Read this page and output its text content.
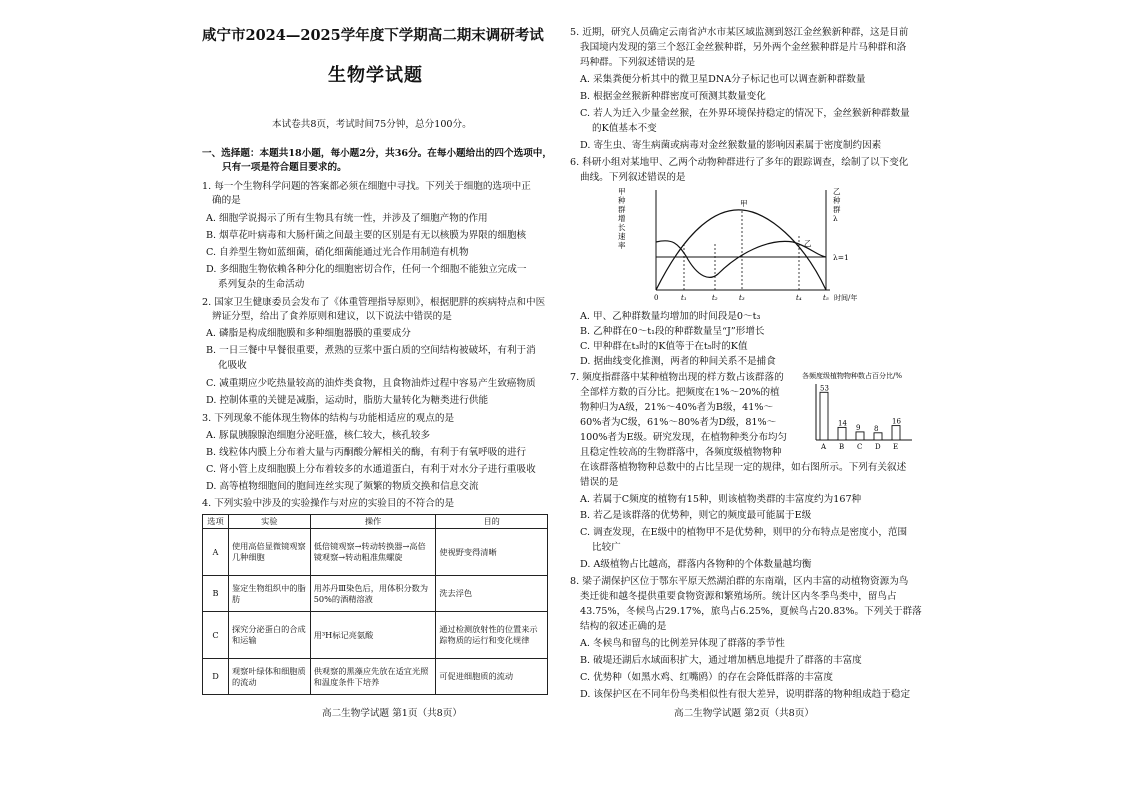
咸宁市2024—2025学年度下学期高二期末调研考试
生物学试题
本试卷共8页，考试时间75分钟，总分100分。
一、选择题：本题共18小题，每小题2分，共36分。在每小题给出的四个选项中，
只有一项是符合题目要求的。
1. 每一个生物科学问题的答案都必须在细胞中寻找。下列关于细胞的选项中正
确的是
A. 细胞学说揭示了所有生物具有统一性，并涉及了细胞产物的作用
B. 烟草花叶病毒和大肠杆菌之间最主要的区别是有无以核膜为界限的细胞核
C. 自养型生物如蓝细菌，硝化细菌能通过光合作用制造有机物
D. 多细胞生物依赖各种分化的细胞密切合作，任何一个细胞不能独立完成一
系列复杂的生命活动
2. 国家卫生健康委员会发布了《体重管理指导原则》，根据肥胖的疾病特点和中医
辨证分型，给出了食养原则和建议，以下说法中错误的是
A. 磷脂是构成细胞膜和多种细胞器膜的重要成分
B. 一日三餐中早餐很重要，煮熟的豆浆中蛋白质的空间结构被破坏，有利于消
化吸收
C. 减重期应少吃热量较高的油炸类食物，且食物油炸过程中容易产生致癌物质
D. 控制体重的关键是减脂，运动时，脂肪大量转化为糖类进行供能
3. 下列现象不能体现生物体的结构与功能相适应的观点的是
A. 豚鼠胰腺腺泡细胞分泌旺盛，核仁较大，核孔较多
B. 线粒体内膜上分布着大量与丙酮酸分解相关的酶，有利于有氧呼吸的进行
C. 肾小管上皮细胞膜上分布着较多的水通道蛋白，有利于对水分子进行重吸收
D. 高等植物细胞间的胞间连丝实现了频繁的物质交换和信息交流
4. 下列实验中涉及的实验操作与对应的实验目的不符合的是
选项	实验	操作	目的
A	使用高倍显微镜观察几种细胞	低倍镜观察→转动转换器→高倍镜观察→转动粗准焦螺旋	使视野变得清晰
B	鉴定生物组织中的脂肪	用苏丹Ⅲ染色后，用体积分数为50%的酒精溶液	洗去浮色
C	探究分泌蛋白的合成和运输	用³H标记亮氨酸	通过检测放射性的位置来示踪物质的运行和变化规律
D	观察叶绿体和细胞质的流动	供观察的黑藻应先放在适宜光照和温度条件下培养	可促进细胞质的流动
高二生物学试题 第1页（共8页）
5. 近期，研究人员确定云南省泸水市某区域监测到怒江金丝猴新种群，这是目前
我国境内发现的第三个怒江金丝猴种群，另外两个金丝猴种群是片马种群和洛
玛种群。下列叙述错误的是
A. 采集粪便分析其中的微卫星DNA分子标记也可以调查新种群数量
B. 根据金丝猴新种群密度可预测其数量变化
C. 若人为迁入少量金丝猴，在外界环境保持稳定的情况下，金丝猴新种群数量
的K值基本不变
D. 寄生虫、寄生病菌或病毒对金丝猴数量的影响因素属于密度制约因素
6. 科研小组对某地甲、乙两个动物种群进行了多年的跟踪调查，绘制了以下变化
曲线。下列叙述错误的是
甲 种 群 增 长 速 率
乙 种 群 λ
甲
乙
λ=1
0	t₁	t₂	t₃	t₄	t₅ 时间/年
A. 甲、乙种群数量均增加的时间段是0～t₃
B. 乙种群在0～t₁段的种群数量呈“J”形增长
C. 甲种群在t₃时的K值等于在t₅时的K值
D. 据曲线变化推测，两者的种间关系不是捕食
7. 频度指群落中某种植物出现的样方数占该群落的
全部样方数的百分比。把频度在1%～20%的植
物种归为A级，21%～40%者为B级，41%～
60%者为C级，61%～80%者为D级，81%～
100%者为E级。研究发现，在植物种类分布均匀
且稳定性较高的生物群落中，各频度级植物物种
在该群落植物物种总数中的占比呈现一定的规律，如右图所示。下列有关叙述
错误的是
各频度级植物物种数占百分比/%
53
A
14
B
9
C
8
D
16
E
A. 若属于C频度的植物有15种，则该植物类群的丰富度约为167种
B. 若乙是该群落的优势种，则它的频度最可能属于E级
C. 调查发现，在E级中的植物甲不是优势种，则甲的分布特点是密度小，范围
比较广
D. A级植物占比越高，群落内各物种的个体数量越均衡
8. 梁子湖保护区位于鄂东平原天然湖泊群的东南端，区内丰富的动植物资源为鸟
类迁徙和越冬提供重要食物资源和繁殖场所。统计区内冬季鸟类中，留鸟占
43.75%，冬候鸟占29.17%，旅鸟占6.25%，夏候鸟占20.83%。下列关于群落
结构的叙述正确的是
A. 冬候鸟和留鸟的比例差异体现了群落的季节性
B. 破堤还湖后水域面积扩大，通过增加栖息地提升了群落的丰富度
C. 优势种（如黑水鸡、红嘴鸥）的存在会降低群落的丰富度
D. 该保护区在不同年份鸟类相似性有很大差异，说明群落的物种组成趋于稳定
高二生物学试题 第2页（共8页）
